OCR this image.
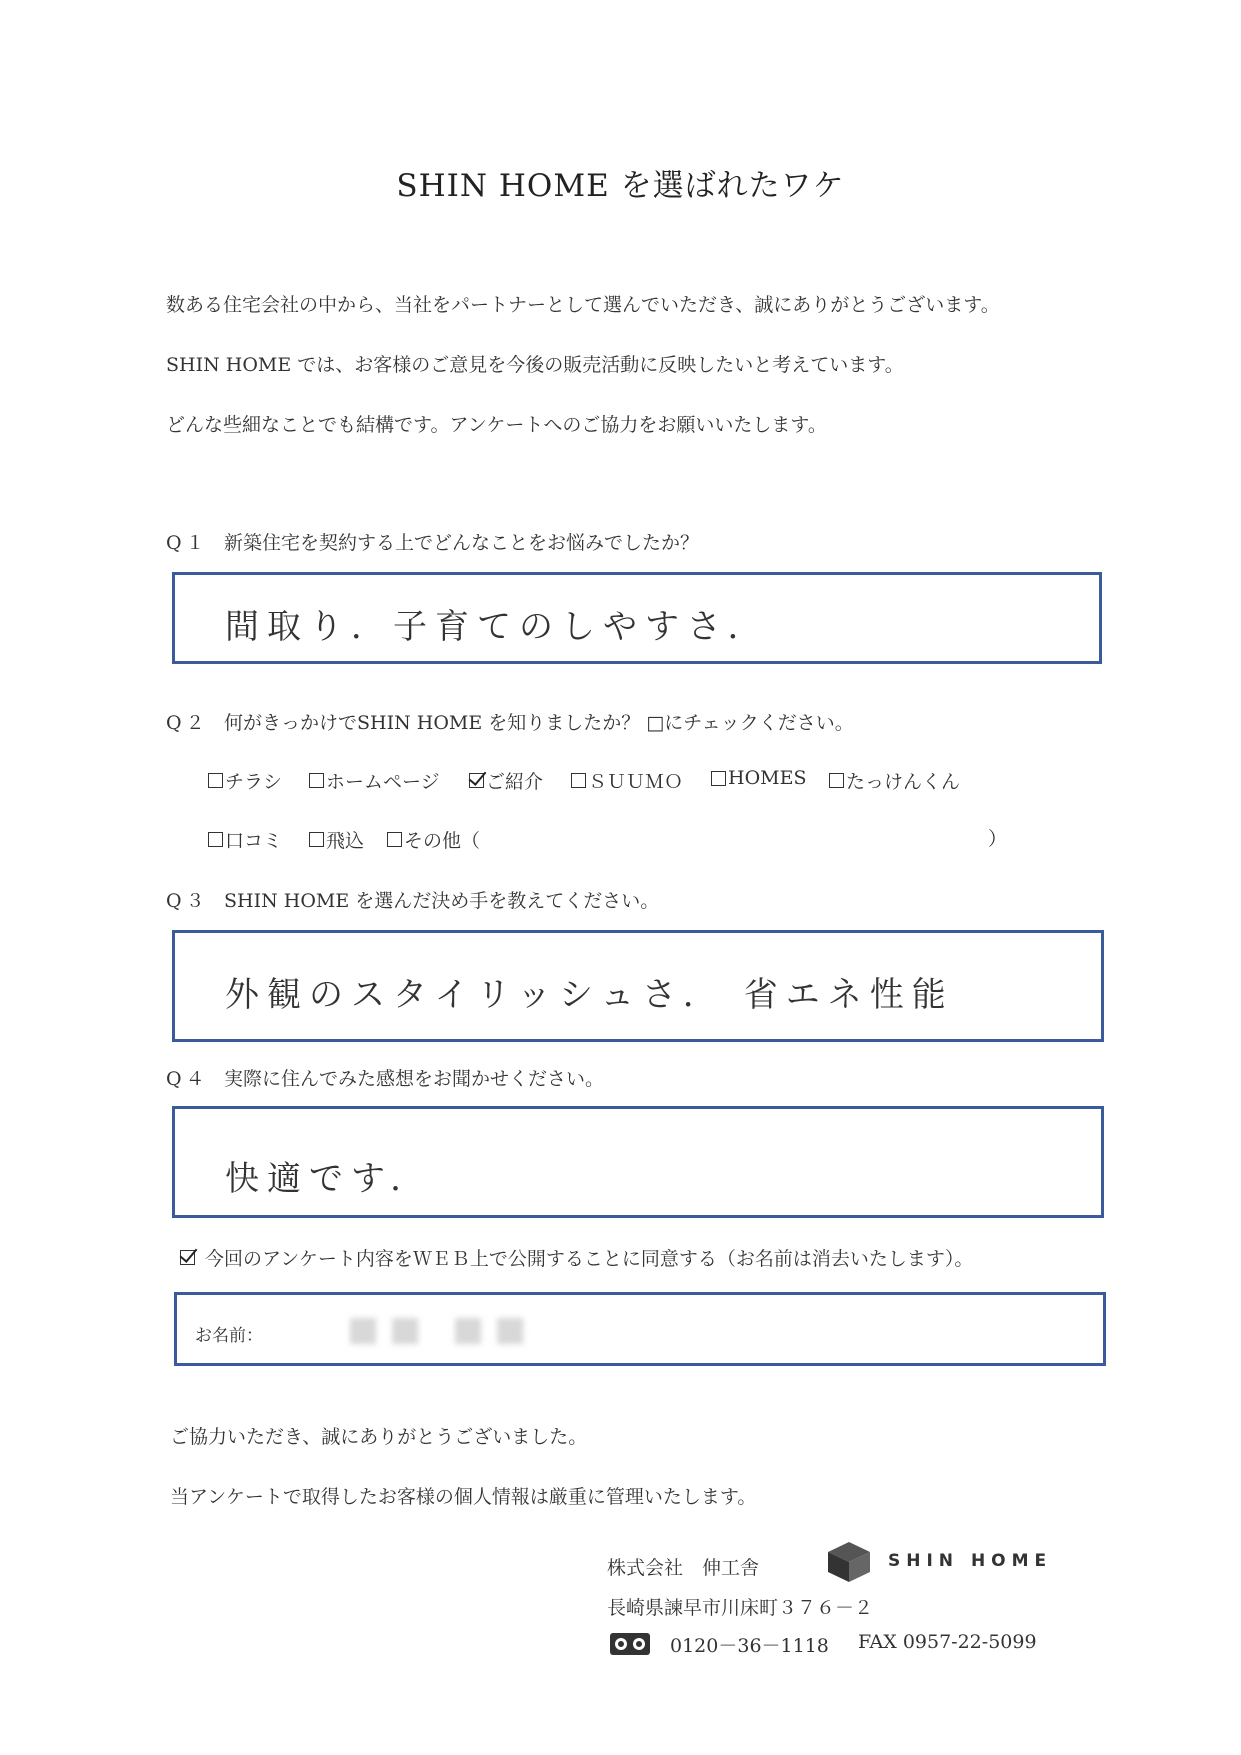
SHIN HOME を選ばれたワケ
数ある住宅会社の中から、当社をパートナーとして選んでいただき、誠にありがとうございます。
SHIN HOME では、お客様のご意見を今後の販売活動に反映したいと考えています。
どんな些細なことでも結構です。アンケートへのご協力をお願いいたします。
Q１ 新築住宅を契約する上でどんなことをお悩みでしたか？
間取り．子育てのしやすさ．
Q２ 何がきっかけでSHIN HOME を知りましたか？ □にチェックください。
チラシ ホームページ ご紹介 ＳＵＵＭＯ HOMES たっけんくん
口コミ 飛込 その他（	）
Q３ SHIN HOME を選んだ決め手を教えてください。
外観のスタイリッシュさ． 省エネ性能
Q４ 実際に住んでみた感想をお聞かせください。
快適です．
今回のアンケート内容をＷＥＢ上で公開することに同意する（お名前は消去いたします）。
お名前： ■■ ■■
ご協力いただき、誠にありがとうございました。
当アンケートで取得したお客様の個人情報は厳重に管理いたします。
株式会社　伸工舎	SHIN HOME
長崎県諫早市川床町３７６－２
0120－36－1118 FAX 0957-22-5099
